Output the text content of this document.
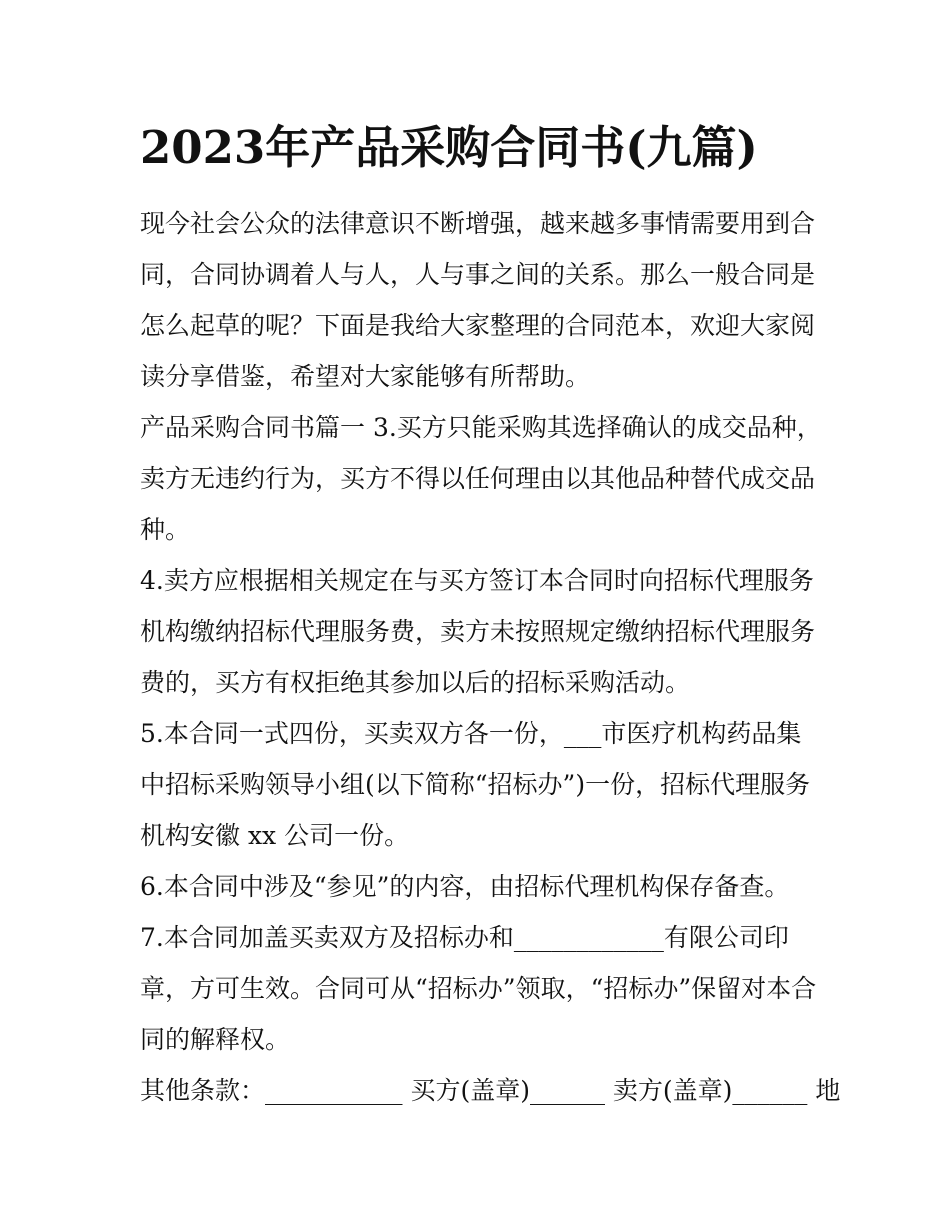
2023年产品采购合同书(九篇)
现今社会公众的法律意识不断增强，越来越多事情需要用到合
同，合同协调着人与人，人与事之间的关系。那么一般合同是
怎么起草的呢？下面是我给大家整理的合同范本，欢迎大家阅
读分享借鉴，希望对大家能够有所帮助。
产品采购合同书篇一 3.买方只能采购其选择确认的成交品种，
卖方无违约行为，买方不得以任何理由以其他品种替代成交品
种。
4.卖方应根据相关规定在与买方签订本合同时向招标代理服务
机构缴纳招标代理服务费，卖方未按照规定缴纳招标代理服务
费的，买方有权拒绝其参加以后的招标采购活动。
5.本合同一式四份，买卖双方各一份，___市医疗机构药品集
中招标采购领导小组(以下简称“招标办”)一份，招标代理服务
机构安徽 xx 公司一份。
6.本合同中涉及“参见”的内容，由招标代理机构保存备查。
7.本合同加盖买卖双方及招标办和____________有限公司印
章，方可生效。合同可从“招标办”领取，“招标办”保留对本合
同的解释权。
其他条款：___________ 买方(盖章)______ 卖方(盖章)______ 地
